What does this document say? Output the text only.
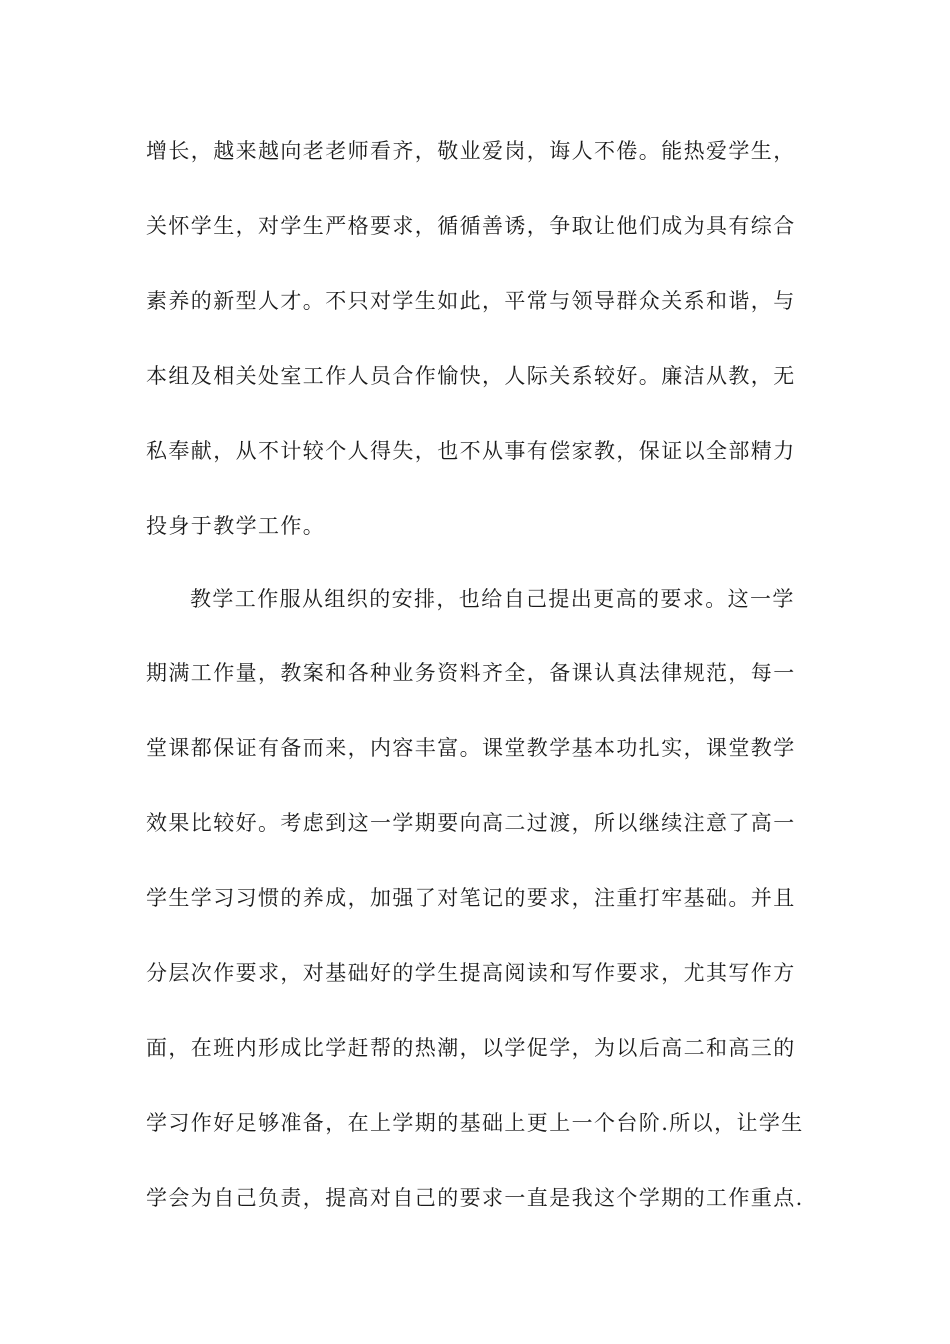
增长，越来越向老老师看齐，敬业爱岗，诲人不倦。能热爱学生，
关怀学生，对学生严格要求，循循善诱，争取让他们成为具有综合
素养的新型人才。不只对学生如此，平常与领导群众关系和谐，与
本组及相关处室工作人员合作愉快，人际关系较好。廉洁从教，无
私奉献，从不计较个人得失，也不从事有偿家教，保证以全部精力
投身于教学工作。
教学工作服从组织的安排，也给自己提出更高的要求。这一学
期满工作量，教案和各种业务资料齐全，备课认真法律规范，每一
堂课都保证有备而来，内容丰富。课堂教学基本功扎实，课堂教学
效果比较好。考虑到这一学期要向高二过渡，所以继续注意了高一
学生学习习惯的养成，加强了对笔记的要求，注重打牢基础。并且
分层次作要求，对基础好的学生提高阅读和写作要求，尤其写作方
面，在班内形成比学赶帮的热潮，以学促学，为以后高二和高三的
学习作好足够准备，在上学期的基础上更上一个台阶.所以，让学生
学会为自己负责，提高对自己的要求一直是我这个学期的工作重点.
